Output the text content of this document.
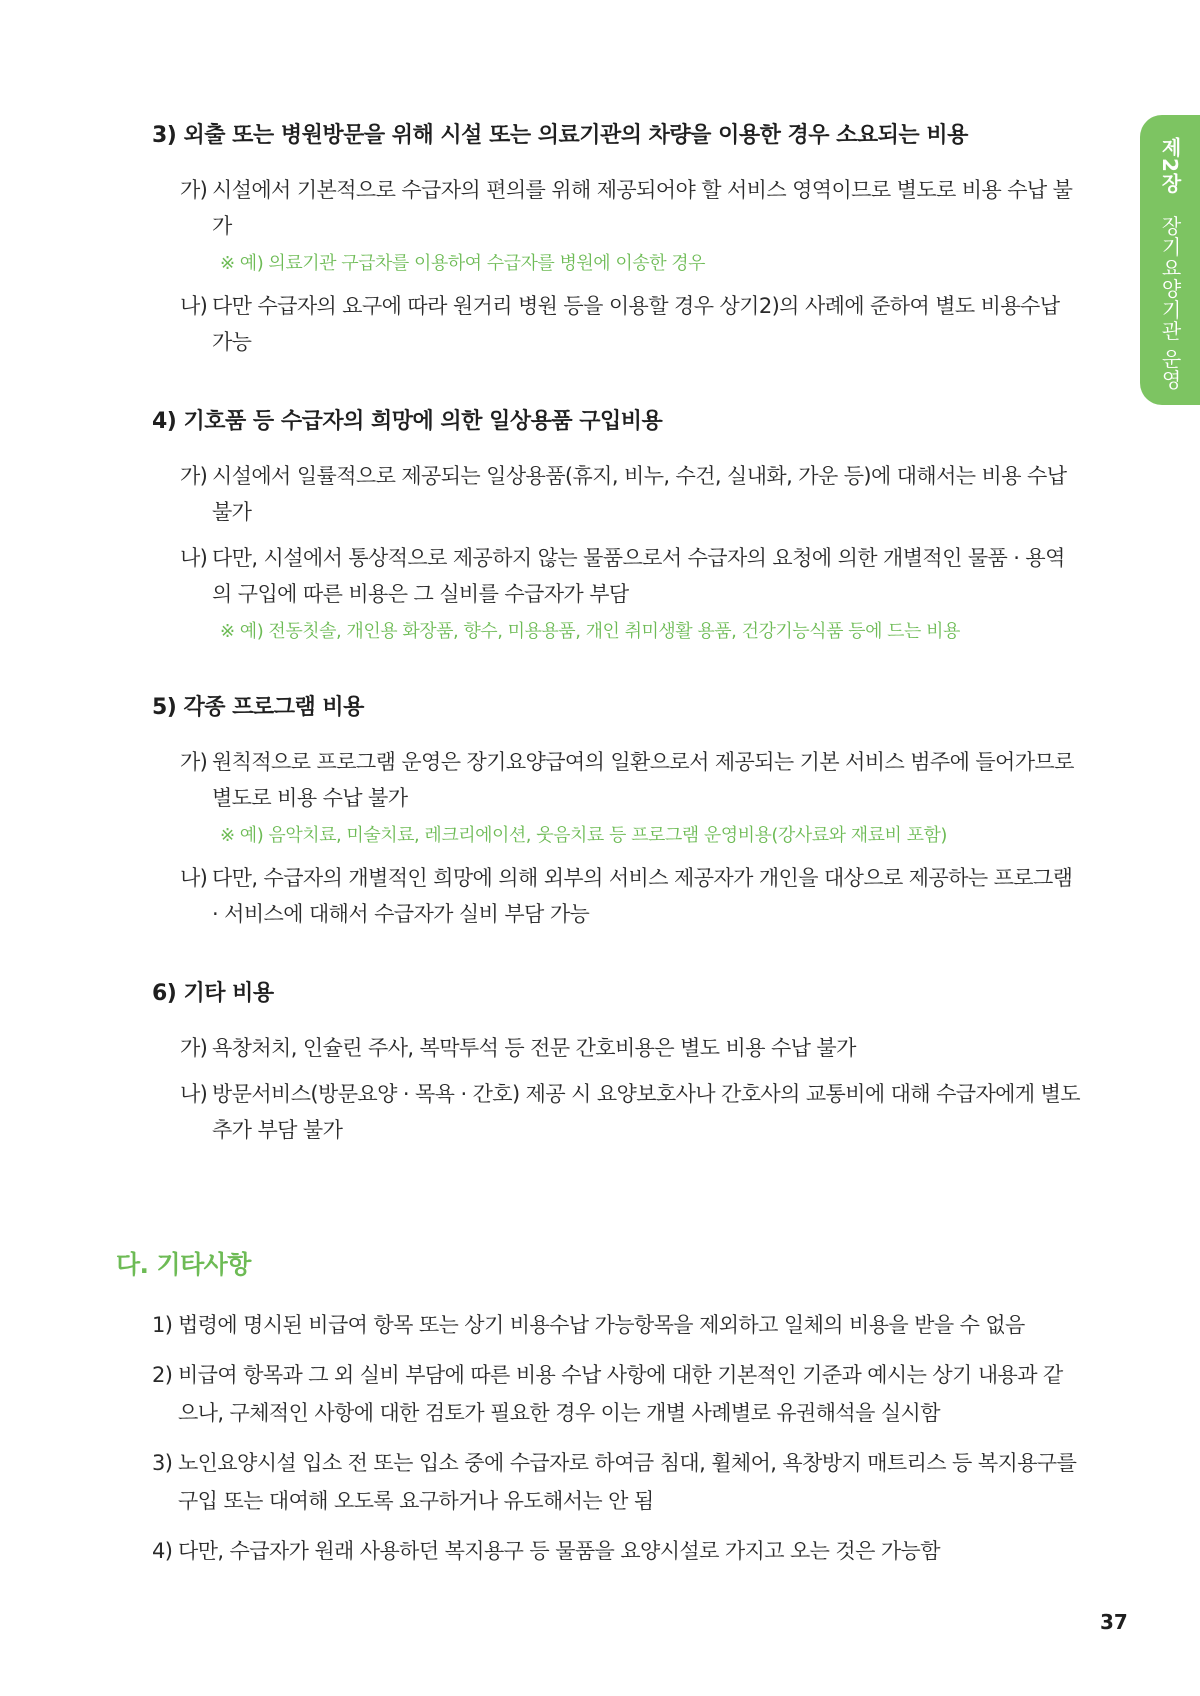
제2장 장기요양기관 운영
3) 외출 또는 병원방문을 위해 시설 또는 의료기관의 차량을 이용한 경우 소요되는 비용
가) 시설에서 기본적으로 수급자의 편의를 위해 제공되어야 할 서비스 영역이므로 별도로 비용 수납 불가
※ 예) 의료기관 구급차를 이용하여 수급자를 병원에 이송한 경우
나) 다만 수급자의 요구에 따라 원거리 병원 등을 이용할 경우 상기2)의 사례에 준하여 별도 비용수납 가능
4) 기호품 등 수급자의 희망에 의한 일상용품 구입비용
가) 시설에서 일률적으로 제공되는 일상용품(휴지, 비누, 수건, 실내화, 가운 등)에 대해서는 비용 수납 불가
나) 다만, 시설에서 통상적으로 제공하지 않는 물품으로서 수급자의 요청에 의한 개별적인 물품 · 용역의 구입에 따른 비용은 그 실비를 수급자가 부담
※ 예) 전동칫솔, 개인용 화장품, 향수, 미용용품, 개인 취미생활 용품, 건강기능식품 등에 드는 비용
5) 각종 프로그램 비용
가) 원칙적으로 프로그램 운영은 장기요양급여의 일환으로서 제공되는 기본 서비스 범주에 들어가므로 별도로 비용 수납 불가
※ 예) 음악치료, 미술치료, 레크리에이션, 웃음치료 등 프로그램 운영비용(강사료와 재료비 포함)
나) 다만, 수급자의 개별적인 희망에 의해 외부의 서비스 제공자가 개인을 대상으로 제공하는 프로그램 · 서비스에 대해서 수급자가 실비 부담 가능
6) 기타 비용
가) 욕창처치, 인슐린 주사, 복막투석 등 전문 간호비용은 별도 비용 수납 불가
나) 방문서비스(방문요양 · 목욕 · 간호) 제공 시 요양보호사나 간호사의 교통비에 대해 수급자에게 별도 추가 부담 불가
다. 기타사항
1) 법령에 명시된 비급여 항목 또는 상기 비용수납 가능항목을 제외하고 일체의 비용을 받을 수 없음
2) 비급여 항목과 그 외 실비 부담에 따른 비용 수납 사항에 대한 기본적인 기준과 예시는 상기 내용과 같으나, 구체적인 사항에 대한 검토가 필요한 경우 이는 개별 사례별로 유권해석을 실시함
3) 노인요양시설 입소 전 또는 입소 중에 수급자로 하여금 침대, 휠체어, 욕창방지 매트리스 등 복지용구를 구입 또는 대여해 오도록 요구하거나 유도해서는 안 됨
4) 다만, 수급자가 원래 사용하던 복지용구 등 물품을 요양시설로 가지고 오는 것은 가능함
37
